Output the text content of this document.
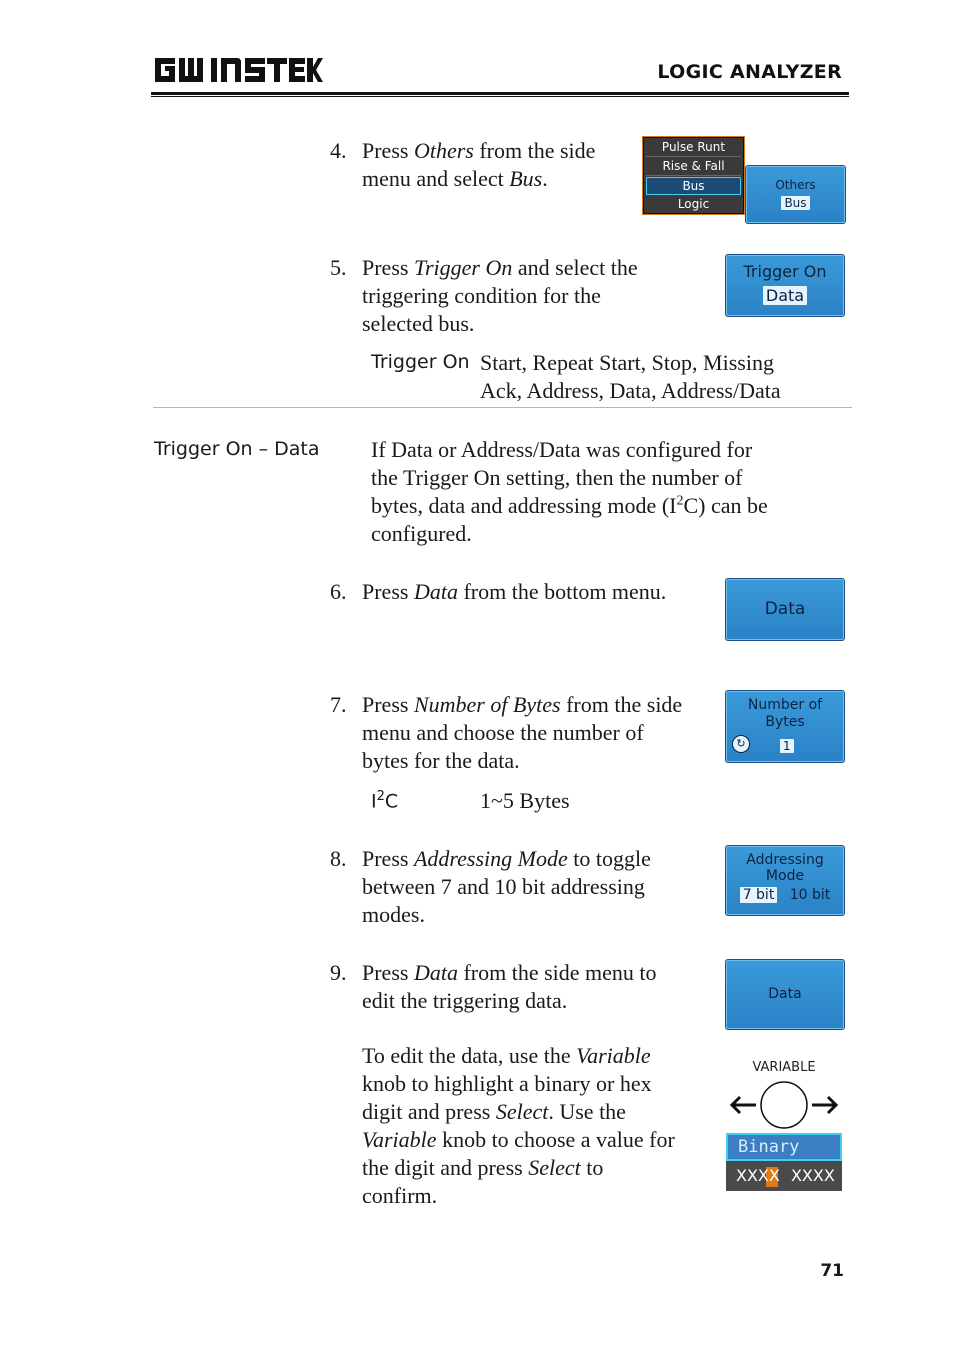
LOGIC ANALYZER
4. Press Others from the side
menu and select Bus.
Pulse Runt
Rise & Fall
Bus
Logic
Others
Bus
5. Press Trigger On and select the
triggering condition for the
selected bus.
Trigger On
Data
Trigger On Start, Repeat Start, Stop, Missing
Ack, Address, Data, Address/Data
Trigger On – Data If Data or Address/Data was configured for
the Trigger On setting, then the number of
bytes, data and addressing mode $(I^2C)$ can be
configured.
6. Press Data from the bottom menu.
Data
7. Press Number of Bytes from the side
menu and choose the number of
bytes for the data.
Number of
Bytes
↻	1
$I^2C$	1~5 Bytes
8. Press Addressing Mode to toggle
between 7 and 10 bit addressing
modes.
Addressing
Mode
7 bit 10 bit
9. Press Data from the side menu to
edit the triggering data.	Data
To edit the data, use the Variable
knob to highlight a binary or hex
digit and press Select. Use the
Variable knob to choose a value for
the digit and press Select to
confirm.
VARIABLE
Binary
XXXX XXXX
71
